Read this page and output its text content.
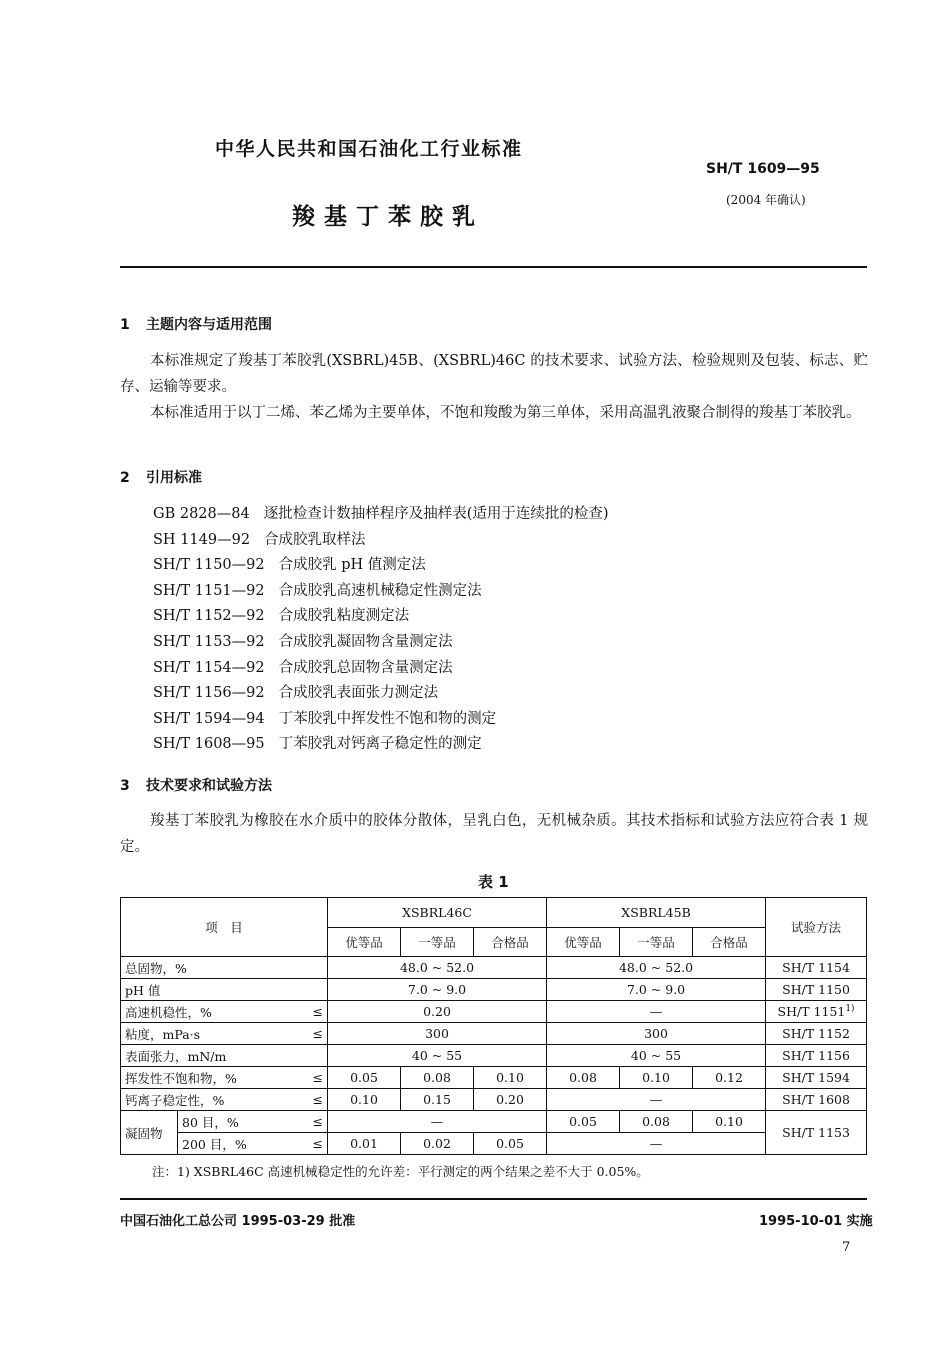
中华人民共和国石油化工行业标准
SH/T 1609—95
(2004 年确认)
羧基丁苯胶乳
1 主题内容与适用范围
本标准规定了羧基丁苯胶乳(XSBRL)45B、(XSBRL)46C 的技术要求、试验方法、检验规则及包装、标志、贮存、运输等要求。
本标准适用于以丁二烯、苯乙烯为主要单体，不饱和羧酸为第三单体，采用高温乳液聚合制得的羧基丁苯胶乳。
2 引用标准
GB 2828—84 逐批检查计数抽样程序及抽样表(适用于连续批的检查)
SH 1149—92 合成胶乳取样法
SH/T 1150—92 合成胶乳 pH 值测定法
SH/T 1151—92 合成胶乳高速机械稳定性测定法
SH/T 1152—92 合成胶乳粘度测定法
SH/T 1153—92 合成胶乳凝固物含量测定法
SH/T 1154—92 合成胶乳总固物含量测定法
SH/T 1156—92 合成胶乳表面张力测定法
SH/T 1594—94 丁苯胶乳中挥发性不饱和物的测定
SH/T 1608—95 丁苯胶乳对钙离子稳定性的测定
3 技术要求和试验方法
羧基丁苯胶乳为橡胶在水介质中的胶体分散体，呈乳白色，无机械杂质。其技术指标和试验方法应符合表 1 规定。
表 1
项　目		XSBRL46C			XSBRL45B			试验方法
		优等品	一等品	合格品	优等品	一等品	合格品	

总固物，%		48.0 ~ 52.0			48.0 ~ 52.0			SH/T 1154

pH 值		7.0 ~ 9.0			7.0 ~ 9.0			SH/T 1150

高速机稳性，% ≤		0.20			—			SH/T 1151$^{1)}$

粘度，mPa·s ≤		300			300			SH/T 1152

表面张力，mN/m		40 ~ 55			40 ~ 55			SH/T 1156

挥发性不饱和物，% ≤		0.05	0.08	0.10	0.08	0.10	0.12	SH/T 1594

钙离子稳定性，% ≤		0.10	0.15	0.20	—			SH/T 1608
凝固物	80 目，% ≤	—			0.05	0.08	0.10	SH/T 1153

	200 目，% ≤	0.01	0.02	0.05	—			
注：1) XSBRL46C 高速机械稳定性的允许差：平行测定的两个结果之差不大于 0.05%。
中国石油化工总公司 1995-03-29 批准	1995-10-01 实施
7
